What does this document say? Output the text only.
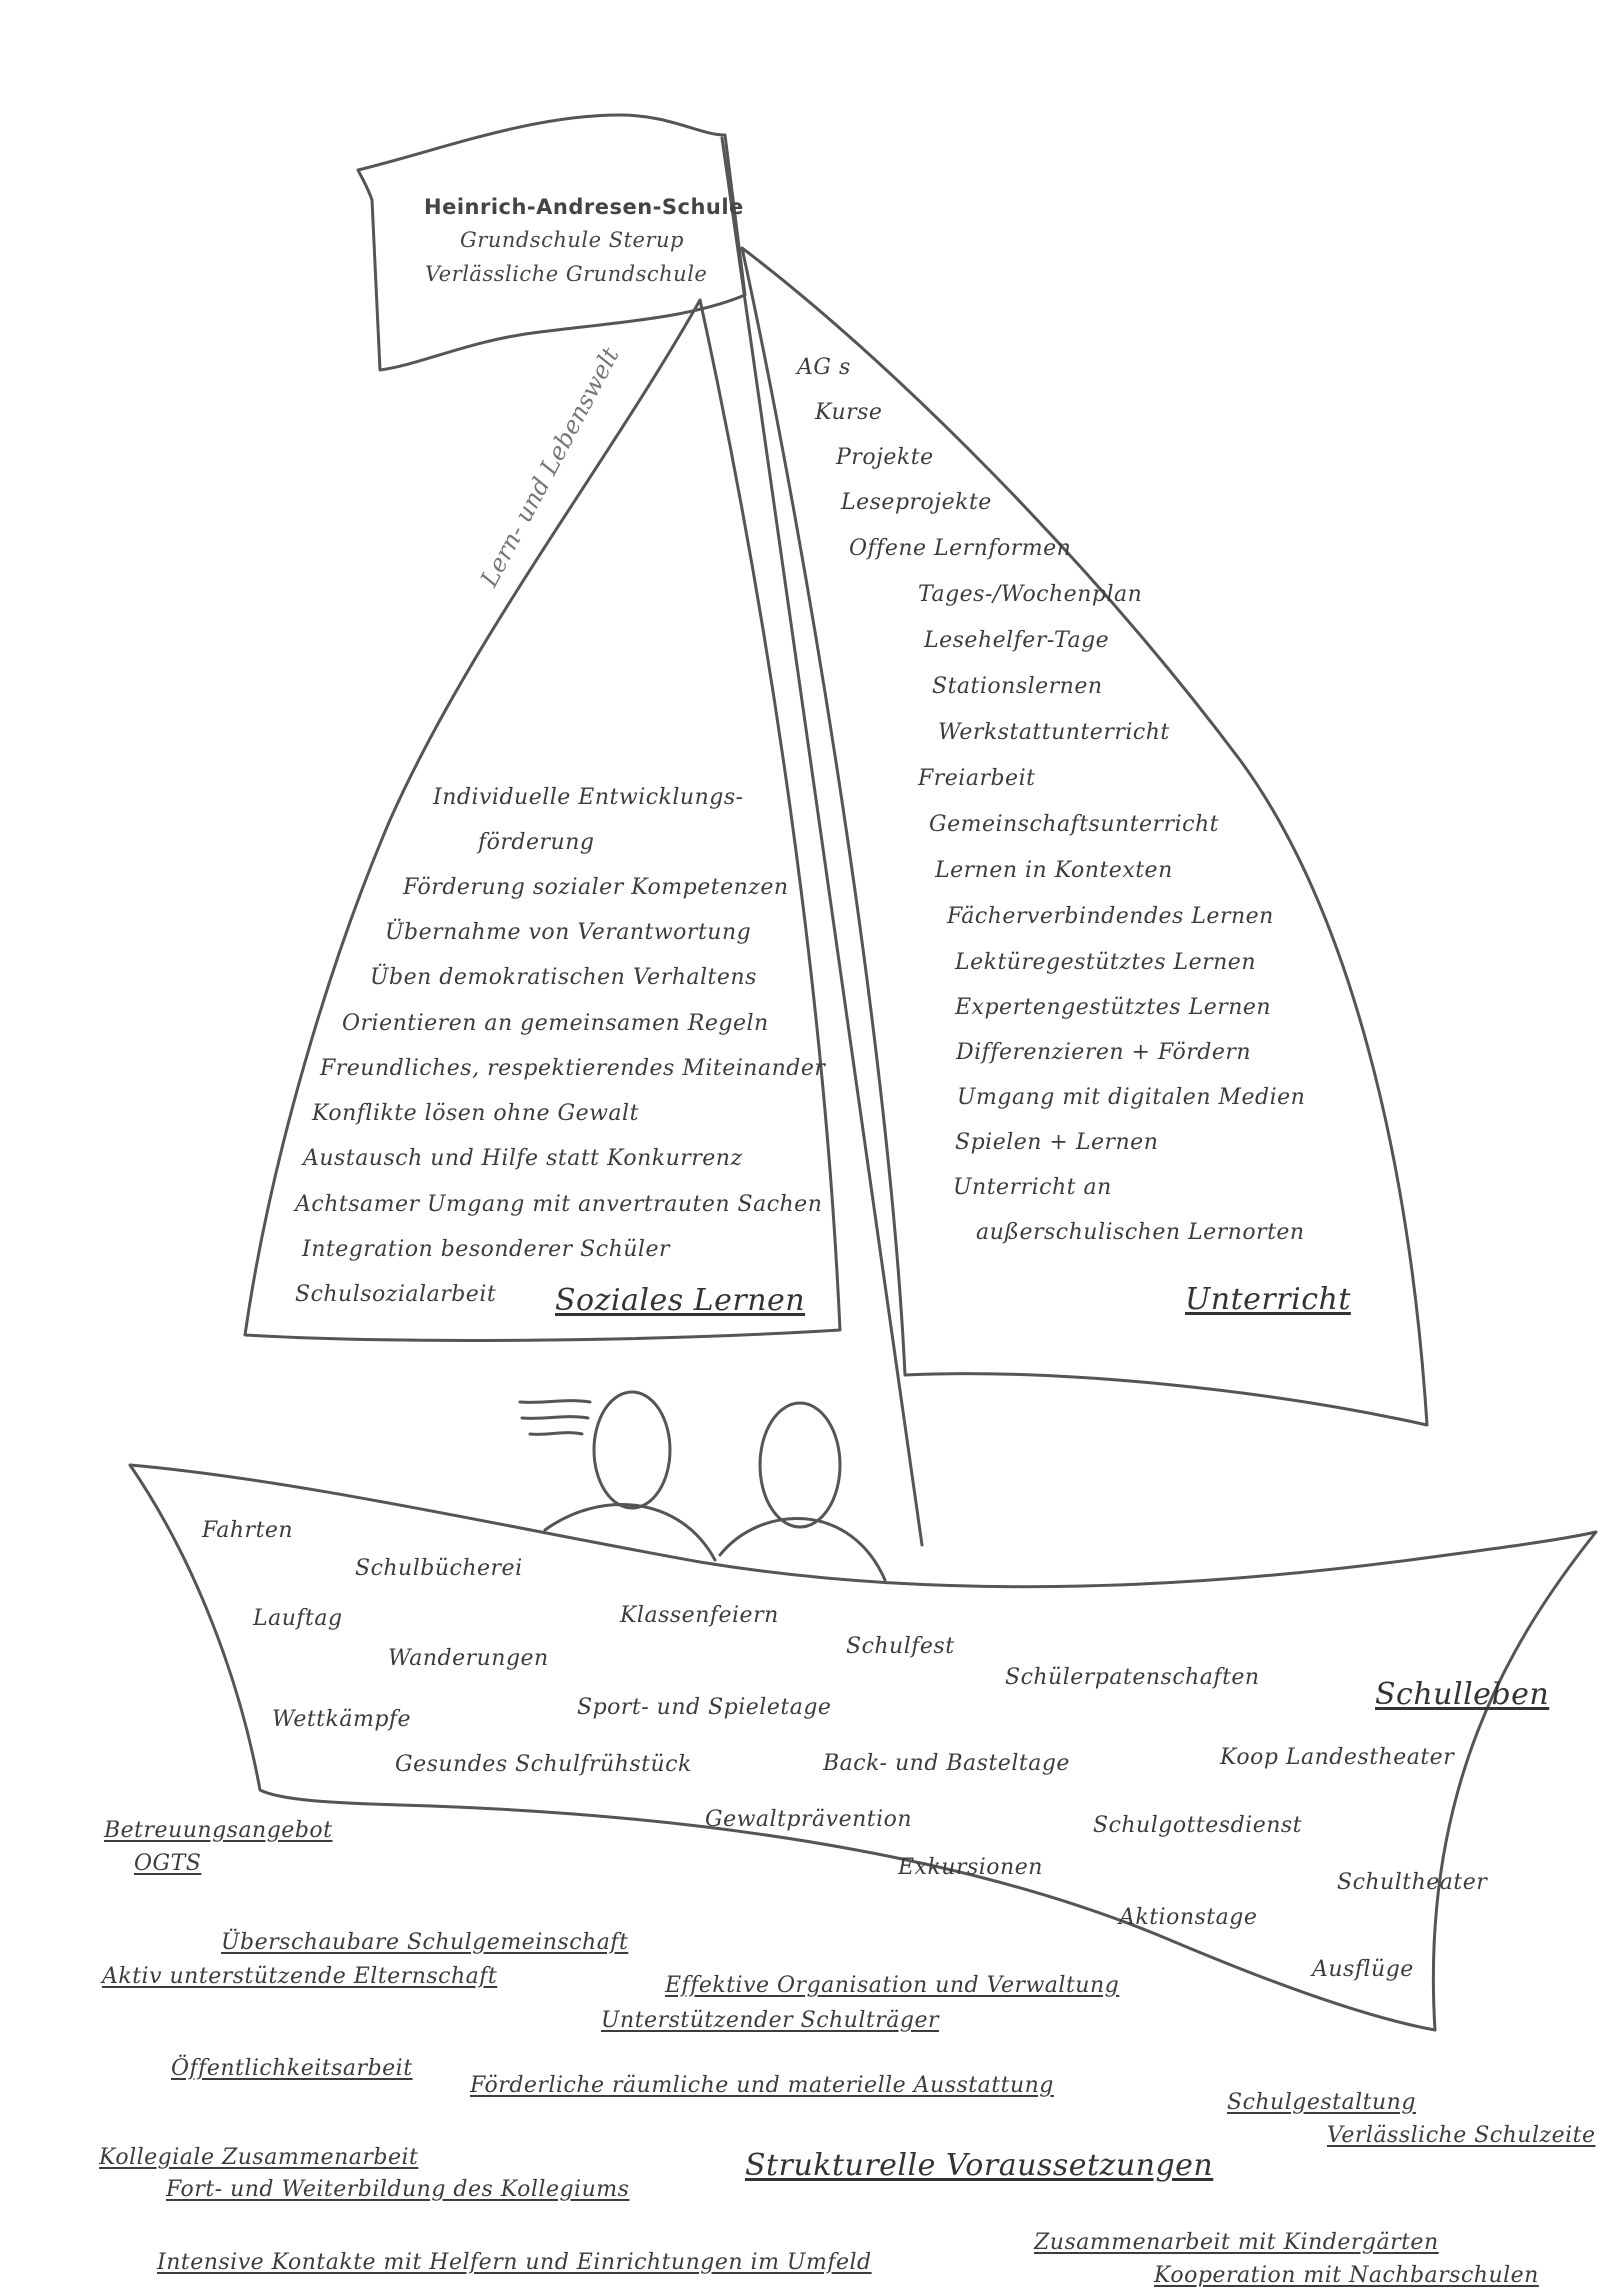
Heinrich-Andresen-Schule
Grundschule Sterup
Verlässliche Grundschule
Lern- und Lebenswelt
Individuelle Entwicklungs-
förderung
Förderung sozialer Kompetenzen
Übernahme von Verantwortung
Üben demokratischen Verhaltens
Orientieren an gemeinsamen Regeln
Freundliches, respektierendes Miteinander
Konflikte lösen ohne Gewalt
Austausch und Hilfe statt Konkurrenz
Achtsamer Umgang mit anvertrauten Sachen
Integration besonderer Schüler
Schulsozialarbeit Soziales Lernen
AG s
Kurse
Projekte
Leseprojekte
Offene Lernformen
Tages-/Wochenplan
Lesehelfer-Tage
Stationslernen
Werkstattunterricht
Freiarbeit
Gemeinschaftsunterricht
Lernen in Kontexten
Fächerverbindendes Lernen
Lektüregestütztes Lernen
Expertengestütztes Lernen
Differenzieren + Fördern
Umgang mit digitalen Medien
Spielen + Lernen
Unterricht an
außerschulischen Lernorten
Unterricht
Fahrten
Schulbücherei
Lauftag	Klassenfeiern
Wanderungen	Schulfest
Schülerpatenschaften
Wettkämpfe	Sport- und Spieletage
Gesundes Schulfrühstück	Back- und Basteltage	Koop Landestheater
Gewaltprävention	Schulgottesdienst
Exkursionen
Schultheater
Aktionstage
Ausflüge
Schulleben
Betreuungsangebot
OGTS
Überschaubare Schulgemeinschaft
Aktiv unterstützende Elternschaft	Effektive Organisation und Verwaltung
Unterstützender Schulträger
Öffentlichkeitsarbeit
Förderliche räumliche und materielle Ausstattung
Schulgestaltung
Verlässliche Schulzeite
Kollegiale Zusammenarbeit
Fort- und Weiterbildung des Kollegiums
Intensive Kontakte mit Helfern und Einrichtungen im Umfeld
Zusammenarbeit mit Kindergärten
Kooperation mit Nachbarschulen
Strukturelle Voraussetzungen
